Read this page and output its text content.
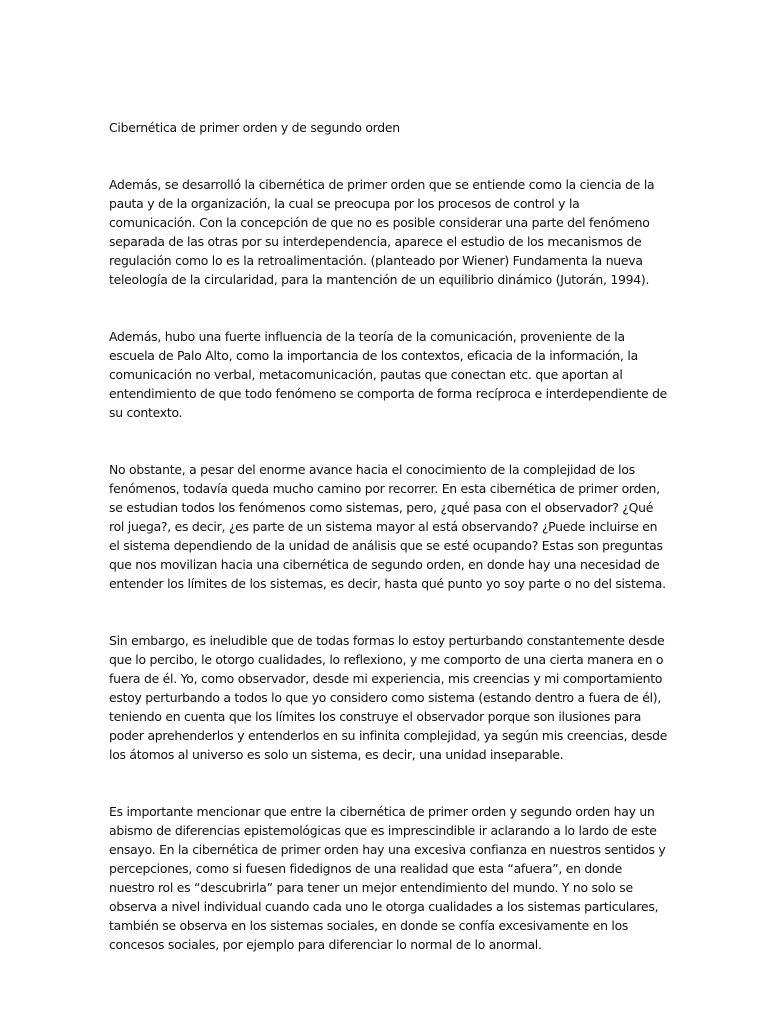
Cibernética de primer orden y de segundo orden

Además, se desarrolló la cibernética de primer orden que se entiende como la ciencia de la pauta y de la organización, la cual se preocupa por los procesos de control y la comunicación. Con la concepción de que no es posible considerar una parte del fenómeno separada de las otras por su interdependencia, aparece el estudio de los mecanismos de regulación como lo es la retroalimentación. (planteado por Wiener) Fundamenta la nueva teleología de la circularidad, para la mantención de un equilibrio dinámico (Jutorán, 1994).

Además, hubo una fuerte influencia de la teoría de la comunicación, proveniente de la escuela de Palo Alto, como la importancia de los contextos, eficacia de la información, la comunicación no verbal, metacomunicación, pautas que conectan etc. que aportan al entendimiento de que todo fenómeno se comporta de forma recíproca e interdependiente de su contexto.

No obstante, a pesar del enorme avance hacia el conocimiento de la complejidad de los fenómenos, todavía queda mucho camino por recorrer. En esta cibernética de primer orden, se estudian todos los fenómenos como sistemas, pero, ¿qué pasa con el observador? ¿Qué rol juega?, es decir, ¿es parte de un sistema mayor al está observando? ¿Puede incluirse en el sistema dependiendo de la unidad de análisis que se esté ocupando? Estas son preguntas que nos movilizan hacia una cibernética de segundo orden, en donde hay una necesidad de entender los límites de los sistemas, es decir, hasta qué punto yo soy parte o no del sistema.

Sin embargo, es ineludible que de todas formas lo estoy perturbando constantemente desde que lo percibo, le otorgo cualidades, lo reflexiono, y me comporto de una cierta manera en o fuera de él. Yo, como observador, desde mi experiencia, mis creencias y mi comportamiento estoy perturbando a todos lo que yo considero como sistema (estando dentro a fuera de él), teniendo en cuenta que los límites los construye el observador porque son ilusiones para poder aprehenderlos y entenderlos en su infinita complejidad, ya según mis creencias, desde los átomos al universo es solo un sistema, es decir, una unidad inseparable.

Es importante mencionar que entre la cibernética de primer orden y segundo orden hay un abismo de diferencias epistemológicas que es imprescindible ir aclarando a lo lardo de este ensayo. En la cibernética de primer orden hay una excesiva confianza en nuestros sentidos y percepciones, como si fuesen fidedignos de una realidad que esta “afuera”, en donde nuestro rol es “descubrirla” para tener un mejor entendimiento del mundo. Y no solo se observa a nivel individual cuando cada uno le otorga cualidades a los sistemas particulares, también se observa en los sistemas sociales, en donde se confía excesivamente en los concesos sociales, por ejemplo para diferenciar lo normal de lo anormal.
